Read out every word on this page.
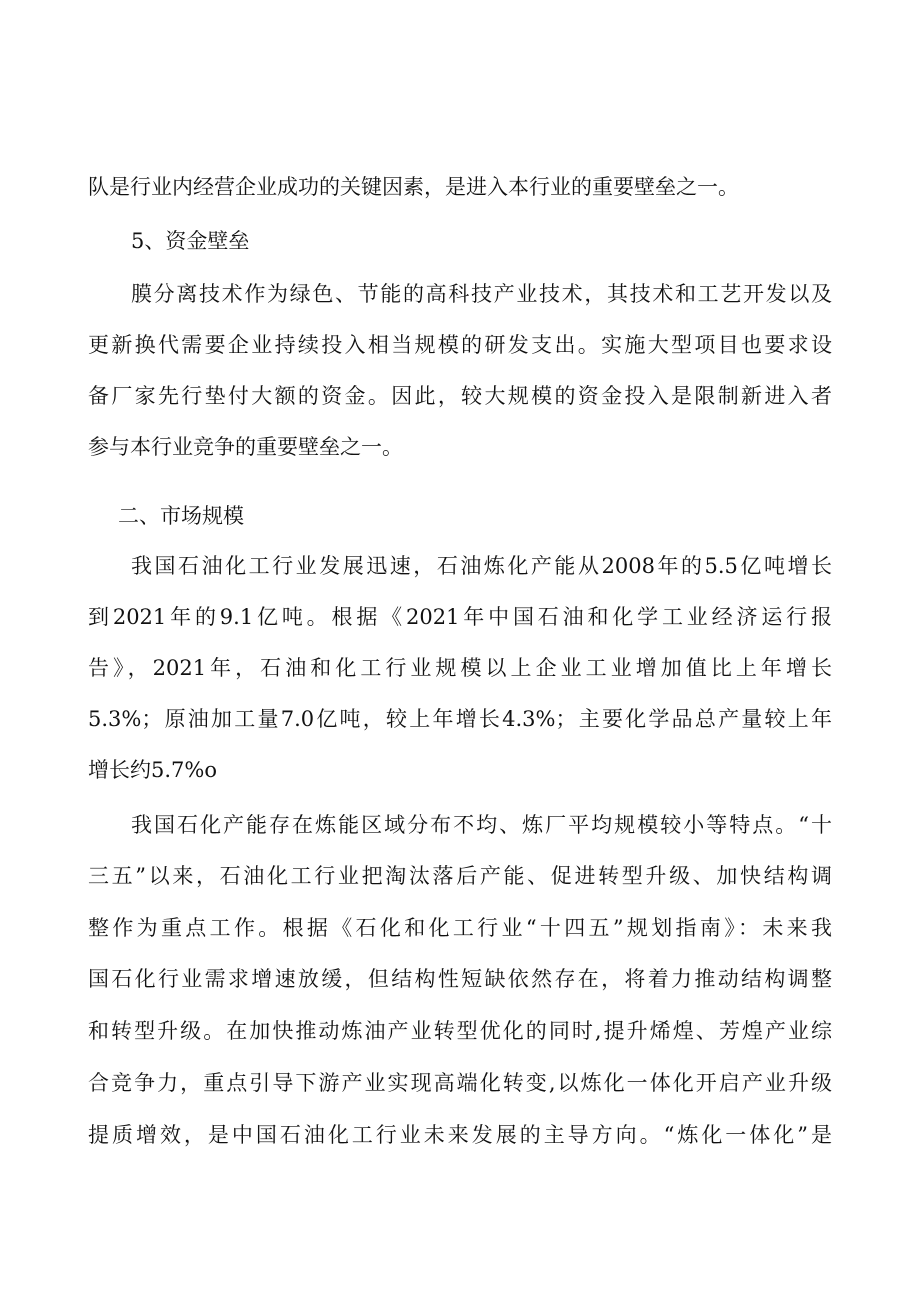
队是行业内经营企业成功的关键因素，是进入本行业的重要壁垒之一。
5、资金壁垒
膜分离技术作为绿色、节能的高科技产业技术，其技术和工艺开发以及
更新换代需要企业持续投入相当规模的研发支出。实施大型项目也要求设
备厂家先行垫付大额的资金。因此，较大规模的资金投入是限制新进入者
参与本行业竞争的重要壁垒之一。
二、市场规模
我国石油化工行业发展迅速，石油炼化产能从2008年的5.5亿吨增长
到2021年的9.1亿吨。根据《2021年中国石油和化学工业经济运行报
告》，2021年，石油和化工行业规模以上企业工业增加值比上年增长
5.3%；原油加工量7.0亿吨，较上年增长4.3%；主要化学品总产量较上年
增长约5.7%o
我国石化产能存在炼能区域分布不均、炼厂平均规模较小等特点。“十
三五”以来，石油化工行业把淘汰落后产能、促进转型升级、加快结构调
整作为重点工作。根据《石化和化工行业“十四五”规划指南》：未来我
国石化行业需求增速放缓，但结构性短缺依然存在，将着力推动结构调整
和转型升级。在加快推动炼油产业转型优化的同时,提升烯煌、芳煌产业综
合竞争力，重点引导下游产业实现高端化转变,以炼化一体化开启产业升级
提质增效，是中国石油化工行业未来发展的主导方向。“炼化一体化”是
